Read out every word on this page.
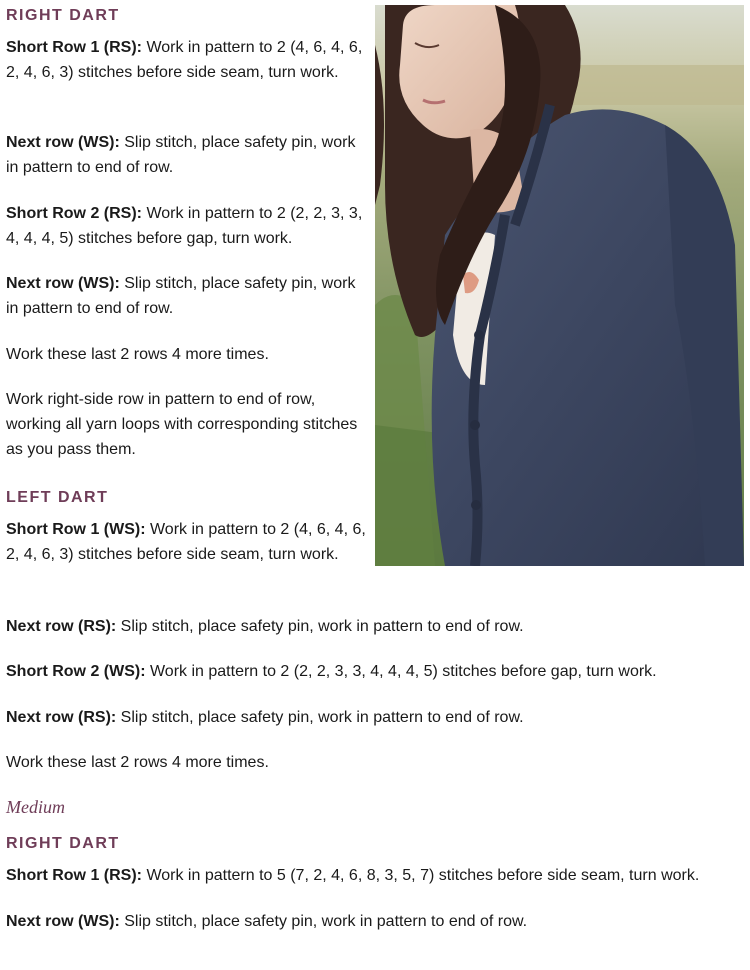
RIGHT DART

Short Row 1 (RS): Work in pattern to 2 (4, 6, 4, 6, 2, 4, 6, 3) stitches before side seam, turn work.

Next row (WS): Slip stitch, place safety pin, work in pattern to end of row.

Short Row 2 (RS): Work in pattern to 2 (2, 2, 3, 3, 4, 4, 4, 5) stitches before gap, turn work.

Next row (WS): Slip stitch, place safety pin, work in pattern to end of row.

Work these last 2 rows 4 more times.

Work right-side row in pattern to end of row, working all yarn loops with corresponding stitches as you pass them.

LEFT DART

Short Row 1 (WS): Work in pattern to 2 (4, 6, 4, 6, 2, 4, 6, 3) stitches before side seam, turn work.

Next row (RS): Slip stitch, place safety pin, work in pattern to end of row.

Short Row 2 (WS): Work in pattern to 2 (2, 2, 3, 3, 4, 4, 4, 5) stitches before gap, turn work.

Next row (RS): Slip stitch, place safety pin, work in pattern to end of row.

Work these last 2 rows 4 more times.

Medium
RIGHT DART

Short Row 1 (RS): Work in pattern to 5 (7, 2, 4, 6, 8, 3, 5, 7) stitches before side seam, turn work.

Next row (WS): Slip stitch, place safety pin, work in pattern to end of row.
